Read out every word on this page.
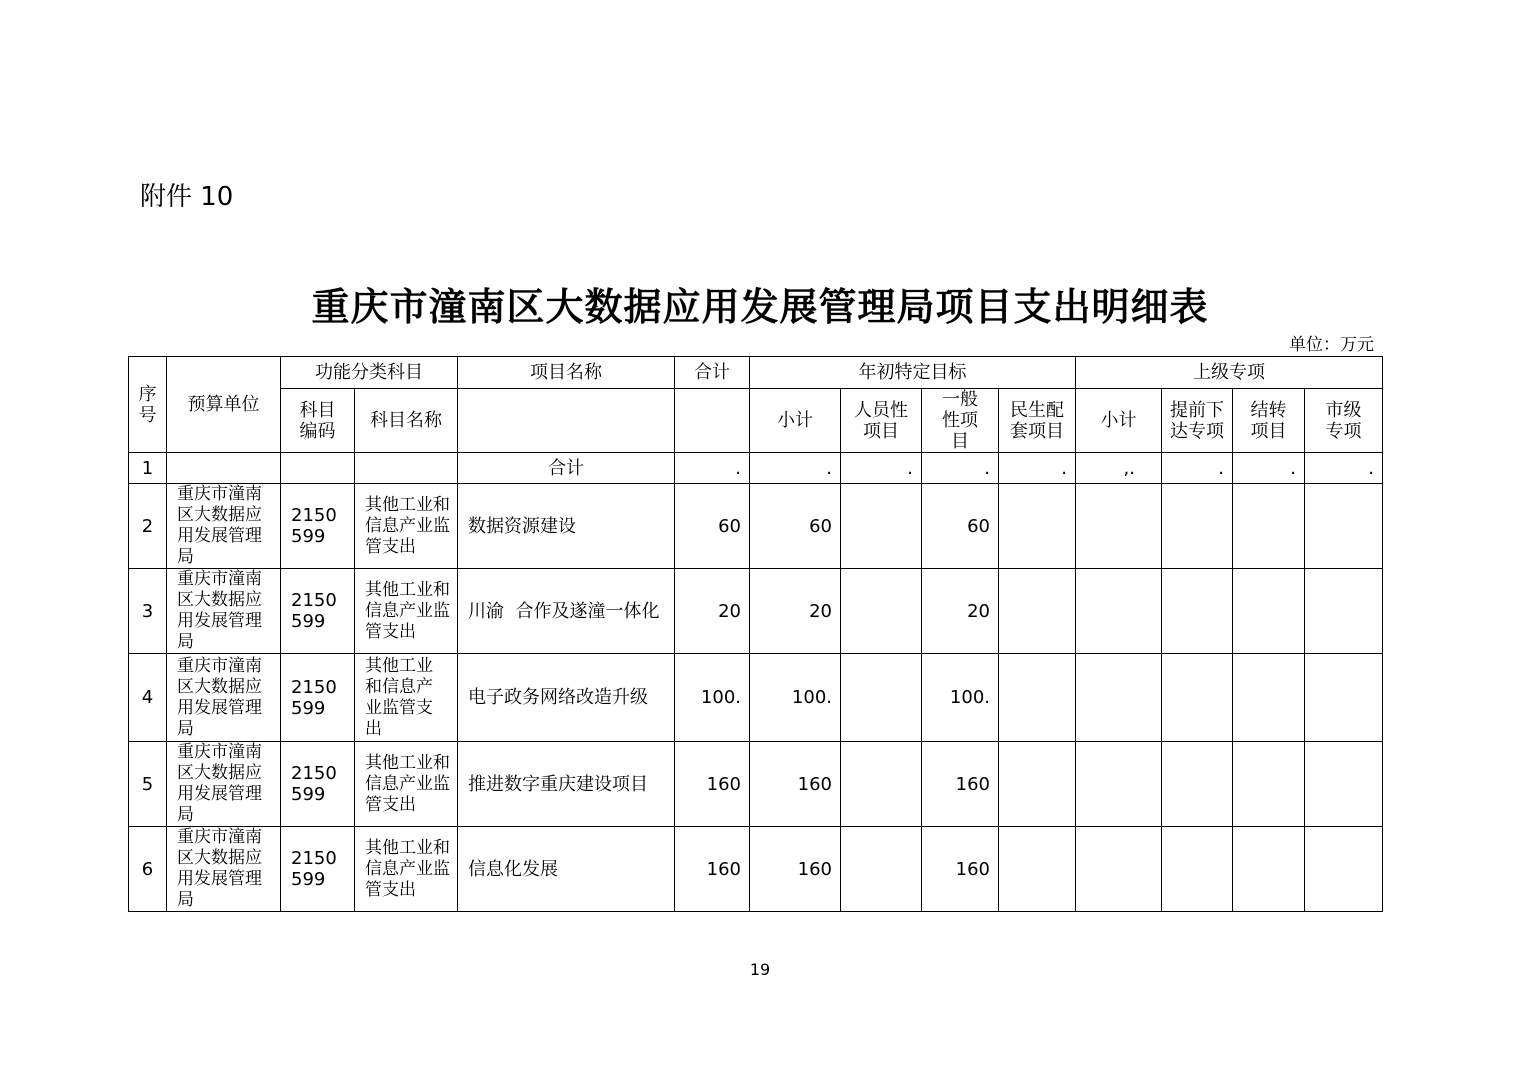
附件 10
重庆市潼南区大数据应用发展管理局项目支出明细表
单位：万元
序号	预算单位	功能分类科目		项目名称	合计	年初特定目标				上级专项			
		科目编码	科目名称			小计	人员性项目	一般性项目	民生配套项目	小计	提前下达专项	结转项目	市级专项
1				合计	.	.	.	.	.	,.	.	.	.
2	重庆市潼南区大数据应用发展管理局	2150599	其他工业和信息产业监管支出	数据资源建设	60	60		60					
3	重庆市潼南区大数据应用发展管理局	2150599	其他工业和信息产业监管支出	川渝  合作及遂潼一体化	20	20		20					
4	重庆市潼南区大数据应用发展管理局	2150599	其他工业和信息产业监管支出	电子政务网络改造升级	100.	100.		100.					
5	重庆市潼南区大数据应用发展管理局	2150599	其他工业和信息产业监管支出	推进数字重庆建设项目	160	160		160					
6	重庆市潼南区大数据应用发展管理局	2150599	其他工业和信息产业监管支出	信息化发展	160	160		160					
19
